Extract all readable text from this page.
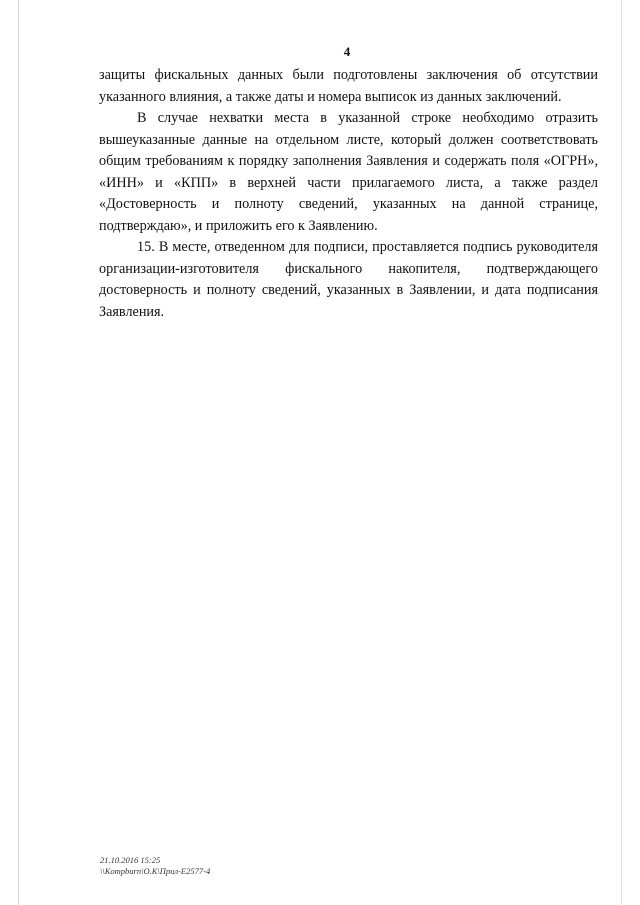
4

защиты фискальных данных были подготовлены заключения об отсутствии указанного влияния, а также даты и номера выписок из данных заключений.

В случае нехватки места в указанной строке необходимо отразить вышеуказанные данные на отдельном листе, который должен соответствовать общим требованиям к порядку заполнения Заявления и содержать поля «ОГРН», «ИНН» и «КПП» в верхней части прилагаемого листа, а также раздел «Достоверность и полноту сведений, указанных на данной странице, подтверждаю», и приложить его к Заявлению.

15. В месте, отведенном для подписи, проставляется подпись руководителя организации-изготовителя фискального накопителя, подтверждающего достоверность и полноту сведений, указанных в Заявлении, и дата подписания Заявления.

21.10.2016 15:25
\\Kompburn\O.K\Прил-Е2577-4
